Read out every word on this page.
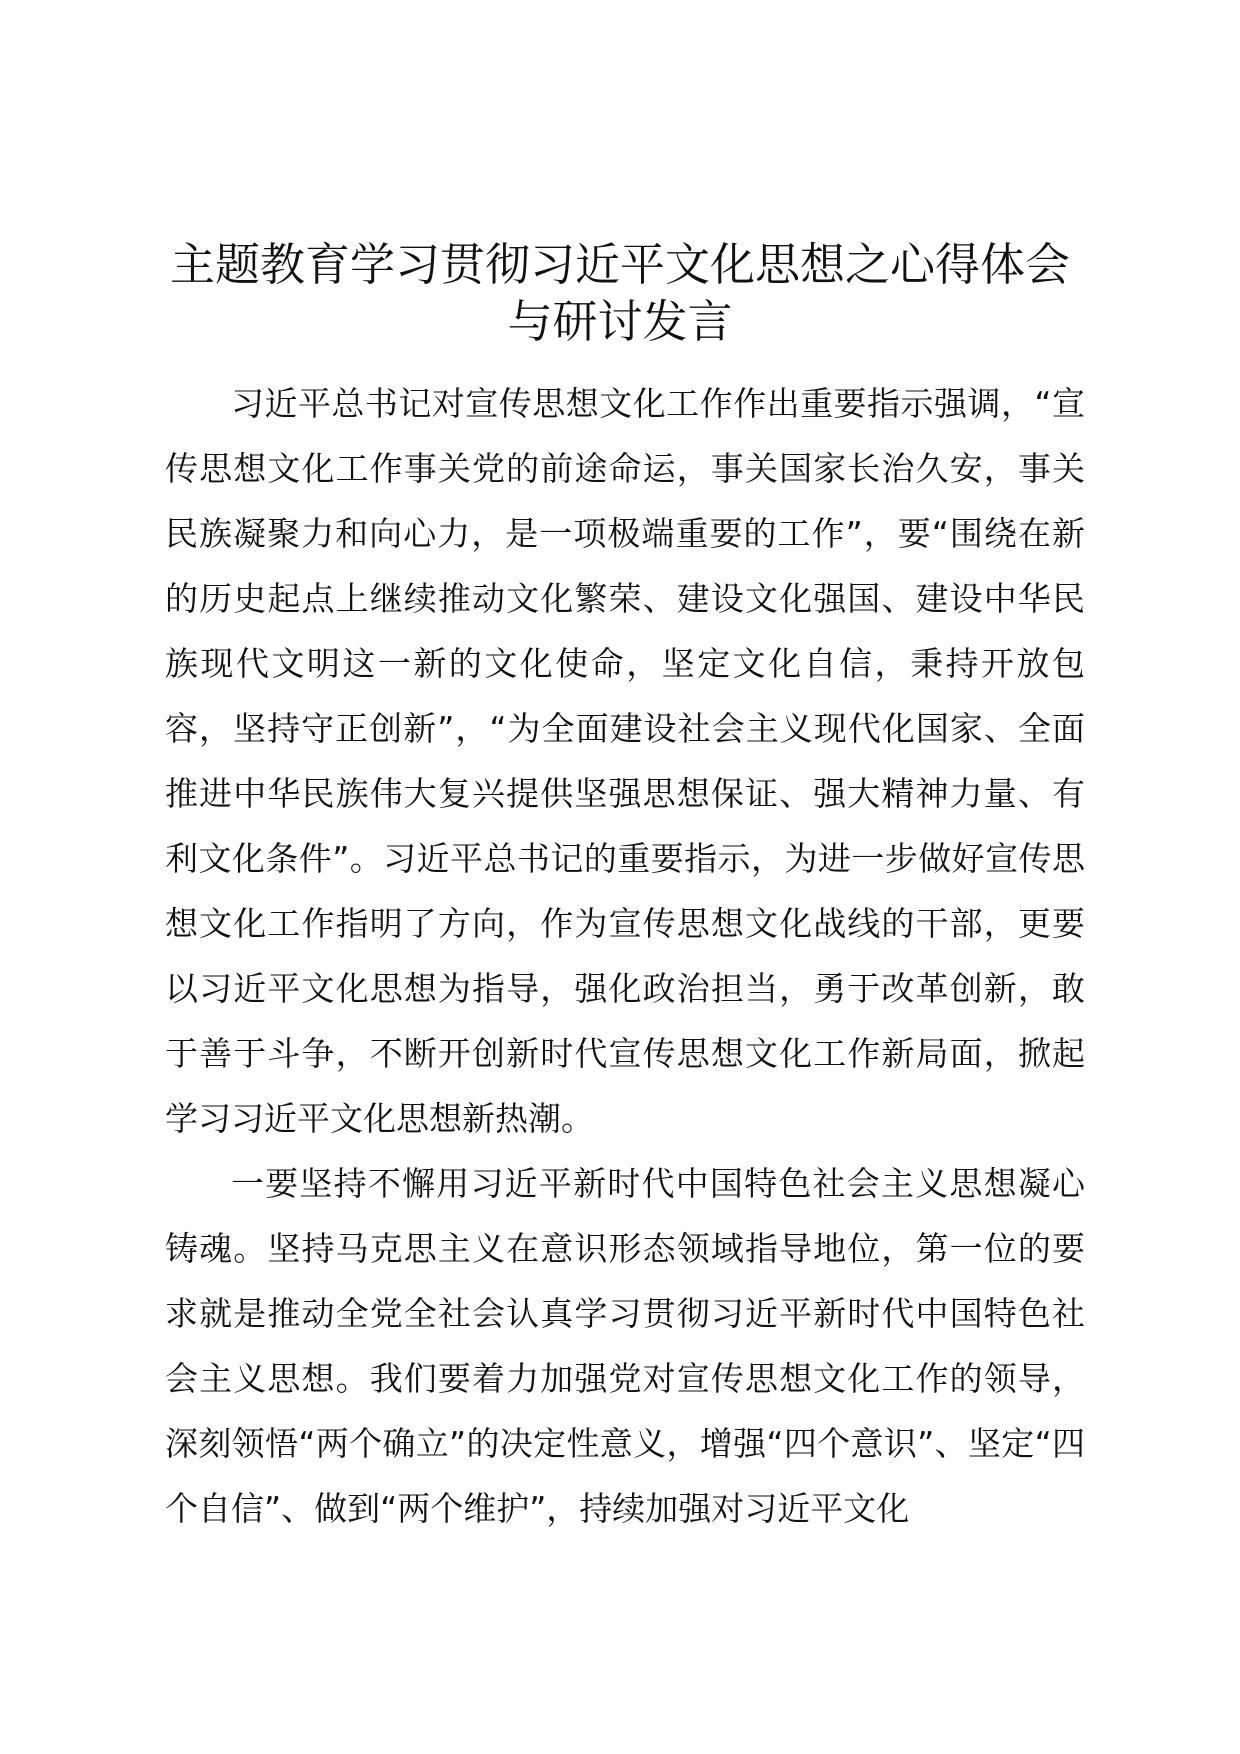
主题教育学习贯彻习近平文化思想之心得体会与研讨发言

习近平总书记对宣传思想文化工作作出重要指示强调，“宣传思想文化工作事关党的前途命运，事关国家长治久安，事关民族凝聚力和向心力，是一项极端重要的工作”，要“围绕在新的历史起点上继续推动文化繁荣、建设文化强国、建设中华民族现代文明这一新的文化使命，坚定文化自信，秉持开放包容，坚持守正创新”，“为全面建设社会主义现代化国家、全面推进中华民族伟大复兴提供坚强思想保证、强大精神力量、有利文化条件”。习近平总书记的重要指示，为进一步做好宣传思想文化工作指明了方向，作为宣传思想文化战线的干部，更要以习近平文化思想为指导，强化政治担当，勇于改革创新，敢于善于斗争，不断开创新时代宣传思想文化工作新局面，掀起学习习近平文化思想新热潮。

一要坚持不懈用习近平新时代中国特色社会主义思想凝心铸魂。坚持马克思主义在意识形态领域指导地位，第一位的要求就是推动全党全社会认真学习贯彻习近平新时代中国特色社会主义思想。我们要着力加强党对宣传思想文化工作的领导，深刻领悟“两个确立”的决定性意义，增强“四个意识”、坚定“四个自信”、做到“两个维护”，持续加强对习近平文化
